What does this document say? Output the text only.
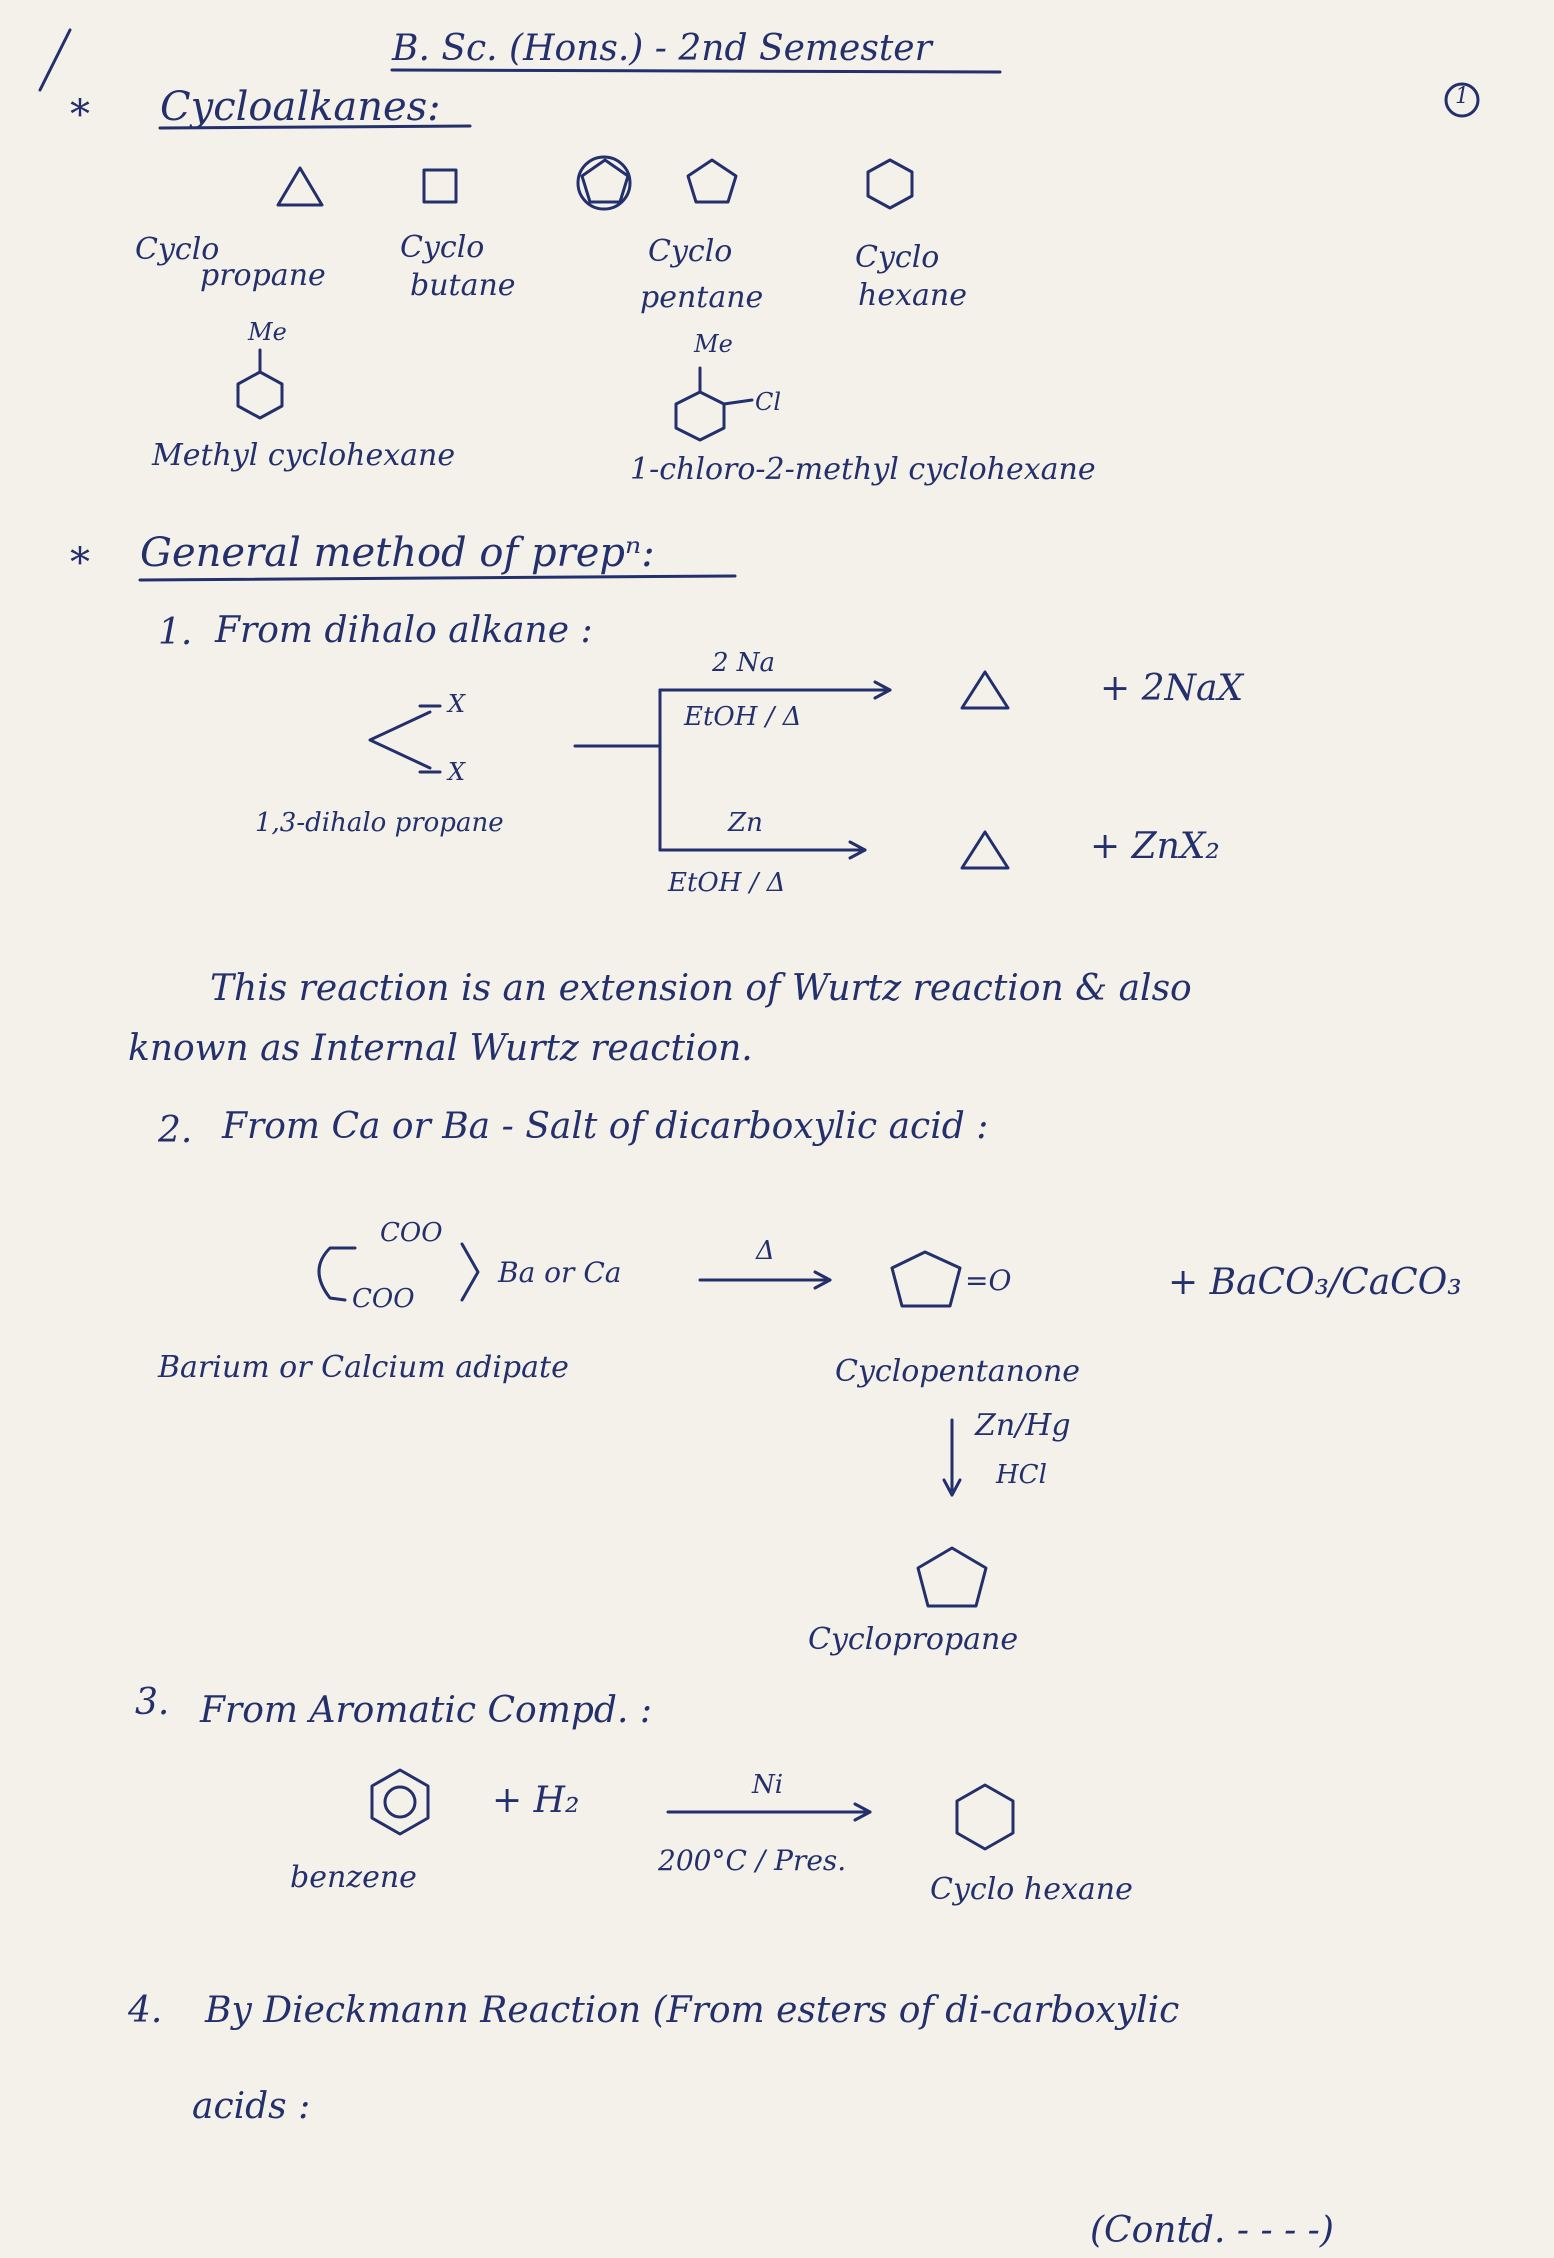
B. Sc. (Hons.) - 2nd Semester
1
* Cycloalkanes:
Cyclo
propane
Cyclo
butane
Cyclo
pentane
Cyclo
hexane
Me	Me
Cl
Methyl cyclohexane	1-chloro-2-methyl cyclohexane
* General method of prepⁿ:
1. From dihalo alkane :
X
X
1,3-dihalo propane
2 Na
EtOH / Δ
+ 2NaX
Zn
EtOH / Δ
+ ZnX₂
This reaction is an extension of Wurtz reaction & also
known as Internal Wurtz reaction.
2. From Ca or Ba - Salt of dicarboxylic acid :
COO
COO
Ba or Ca
Δ
=O	+ BaCO₃/CaCO₃
Barium or Calcium adipate	Cyclopentanone
Zn/Hg
HCl
Cyclopropane
3. From Aromatic Compd. :
+ H₂	Ni
200°C / Pres.
benzene	Cyclo hexane
4. By Dieckmann Reaction (From esters of di-carboxylic
acids :
(Contd. - - - -)
